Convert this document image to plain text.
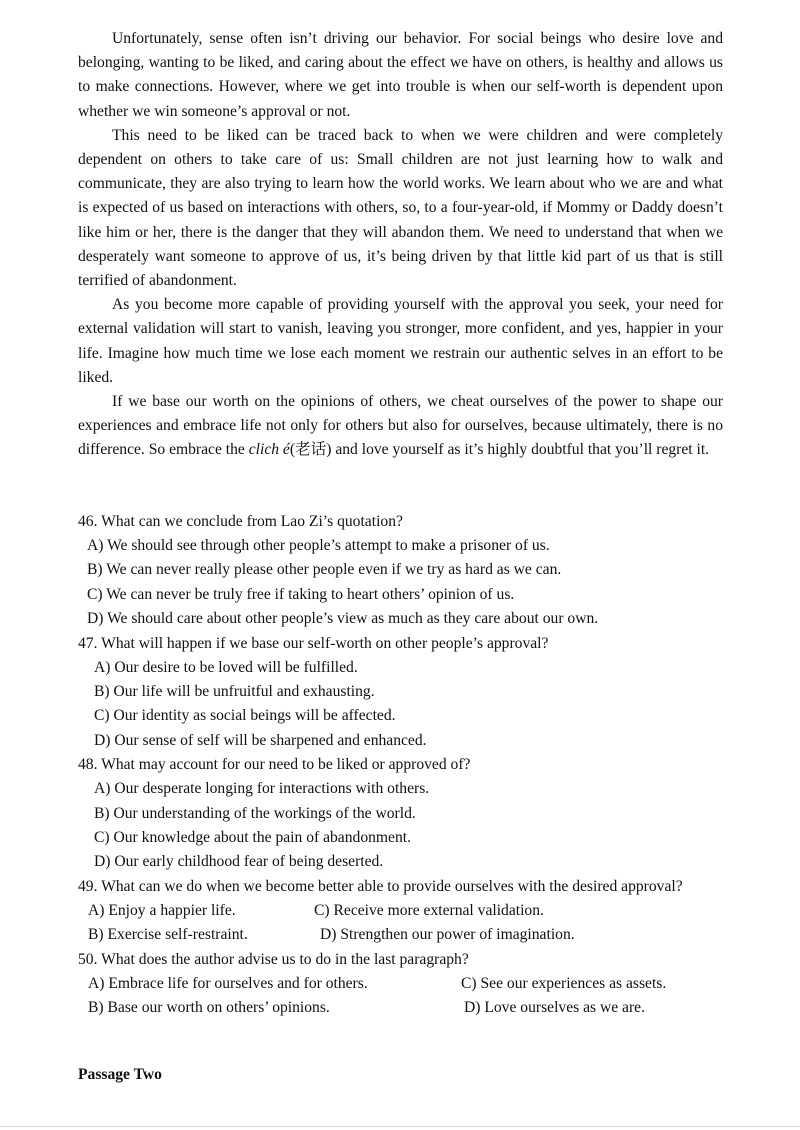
Unfortunately, sense often isn’t driving our behavior. For social beings who desire love and belonging, wanting to be liked, and caring about the effect we have on others, is healthy and allows us to make connections. However, where we get into trouble is when our self-worth is dependent upon whether we win someone’s approval or not.

This need to be liked can be traced back to when we were children and were completely dependent on others to take care of us: Small children are not just learning how to walk and communicate, they are also trying to learn how the world works. We learn about who we are and what is expected of us based on interactions with others, so, to a four-year-old, if Mommy or Daddy doesn’t like him or her, there is the danger that they will abandon them. We need to understand that when we desperately want someone to approve of us, it’s being driven by that little kid part of us that is still terrified of abandonment.

As you become more capable of providing yourself with the approval you seek, your need for external validation will start to vanish, leaving you stronger, more confident, and yes, happier in your life. Imagine how much time we lose each moment we restrain our authentic selves in an effort to be liked.

If we base our worth on the opinions of others, we cheat ourselves of the power to shape our experiences and embrace life not only for others but also for ourselves, because ultimately, there is no difference. So embrace the clich é(老话) and love yourself as it’s highly doubtful that you’ll regret it.

46. What can we conclude from Lao Zi’s quotation?
A) We should see through other people’s attempt to make a prisoner of us.
B) We can never really please other people even if we try as hard as we can.
C) We can never be truly free if taking to heart others’ opinion of us.
D) We should care about other people’s view as much as they care about our own.
47. What will happen if we base our self-worth on other people’s approval?
A) Our desire to be loved will be fulfilled.
B) Our life will be unfruitful and exhausting.
C) Our identity as social beings will be affected.
D) Our sense of self will be sharpened and enhanced.
48. What may account for our need to be liked or approved of?
A) Our desperate longing for interactions with others.
B) Our understanding of the workings of the world.
C) Our knowledge about the pain of abandonment.
D) Our early childhood fear of being deserted.
49. What can we do when we become better able to provide ourselves with the desired approval?
A) Enjoy a happier life.	C) Receive more external validation.
B) Exercise self-restraint.	D) Strengthen our power of imagination.
50. What does the author advise us to do in the last paragraph?
A) Embrace life for ourselves and for others.	C) See our experiences as assets.
B) Base our worth on others’ opinions.	D) Love ourselves as we are.
Passage Two
